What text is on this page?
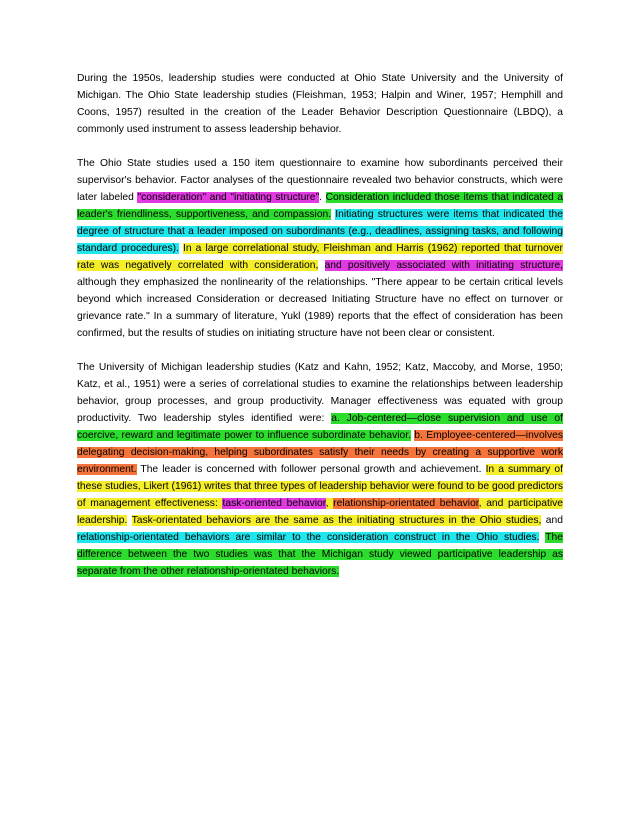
During the 1950s, leadership studies were conducted at Ohio State University and the University of Michigan. The Ohio State leadership studies (Fleishman, 1953; Halpin and Winer, 1957; Hemphill and Coons, 1957) resulted in the creation of the Leader Behavior Description Questionnaire (LBDQ), a commonly used instrument to assess leadership behavior.

The Ohio State studies used a 150 item questionnaire to examine how subordinants perceived their supervisor's behavior. Factor analyses of the questionnaire revealed two behavior constructs, which were later labeled "consideration" and "initiating structure". Consideration included those items that indicated a leader's friendliness, supportiveness, and compassion. Initiating structures were items that indicated the degree of structure that a leader imposed on subordinants (e.g., deadlines, assigning tasks, and following standard procedures). In a large correlational study, Fleishman and Harris (1962) reported that turnover rate was negatively correlated with consideration, and positively associated with initiating structure, although they emphasized the nonlinearity of the relationships. "There appear to be certain critical levels beyond which increased Consideration or decreased Initiating Structure have no effect on turnover or grievance rate." In a summary of literature, Yukl (1989) reports that the effect of consideration has been confirmed, but the results of studies on initiating structure have not been clear or consistent.

The University of Michigan leadership studies (Katz and Kahn, 1952; Katz, Maccoby, and Morse, 1950; Katz, et al., 1951) were a series of correlational studies to examine the relationships between leadership behavior, group processes, and group productivity. Manager effectiveness was equated with group productivity. Two leadership styles identified were: a. Job-centered—close supervision and use of coercive, reward and legitimate power to influence subordinate behavior. b. Employee-centered—involves delegating decision-making, helping subordinates satisfy their needs by creating a supportive work environment. The leader is concerned with follower personal growth and achievement. In a summary of these studies, Likert (1961) writes that three types of leadership behavior were found to be good predictors of management effectiveness: task-oriented behavior, relationship-orientated behavior, and participative leadership. Task-orientated behaviors are the same as the initiating structures in the Ohio studies, and relationship-orientated behaviors are similar to the consideration construct in the Ohio studies. The difference between the two studies was that the Michigan study viewed participative leadership as separate from the other relationship-orientated behaviors.
